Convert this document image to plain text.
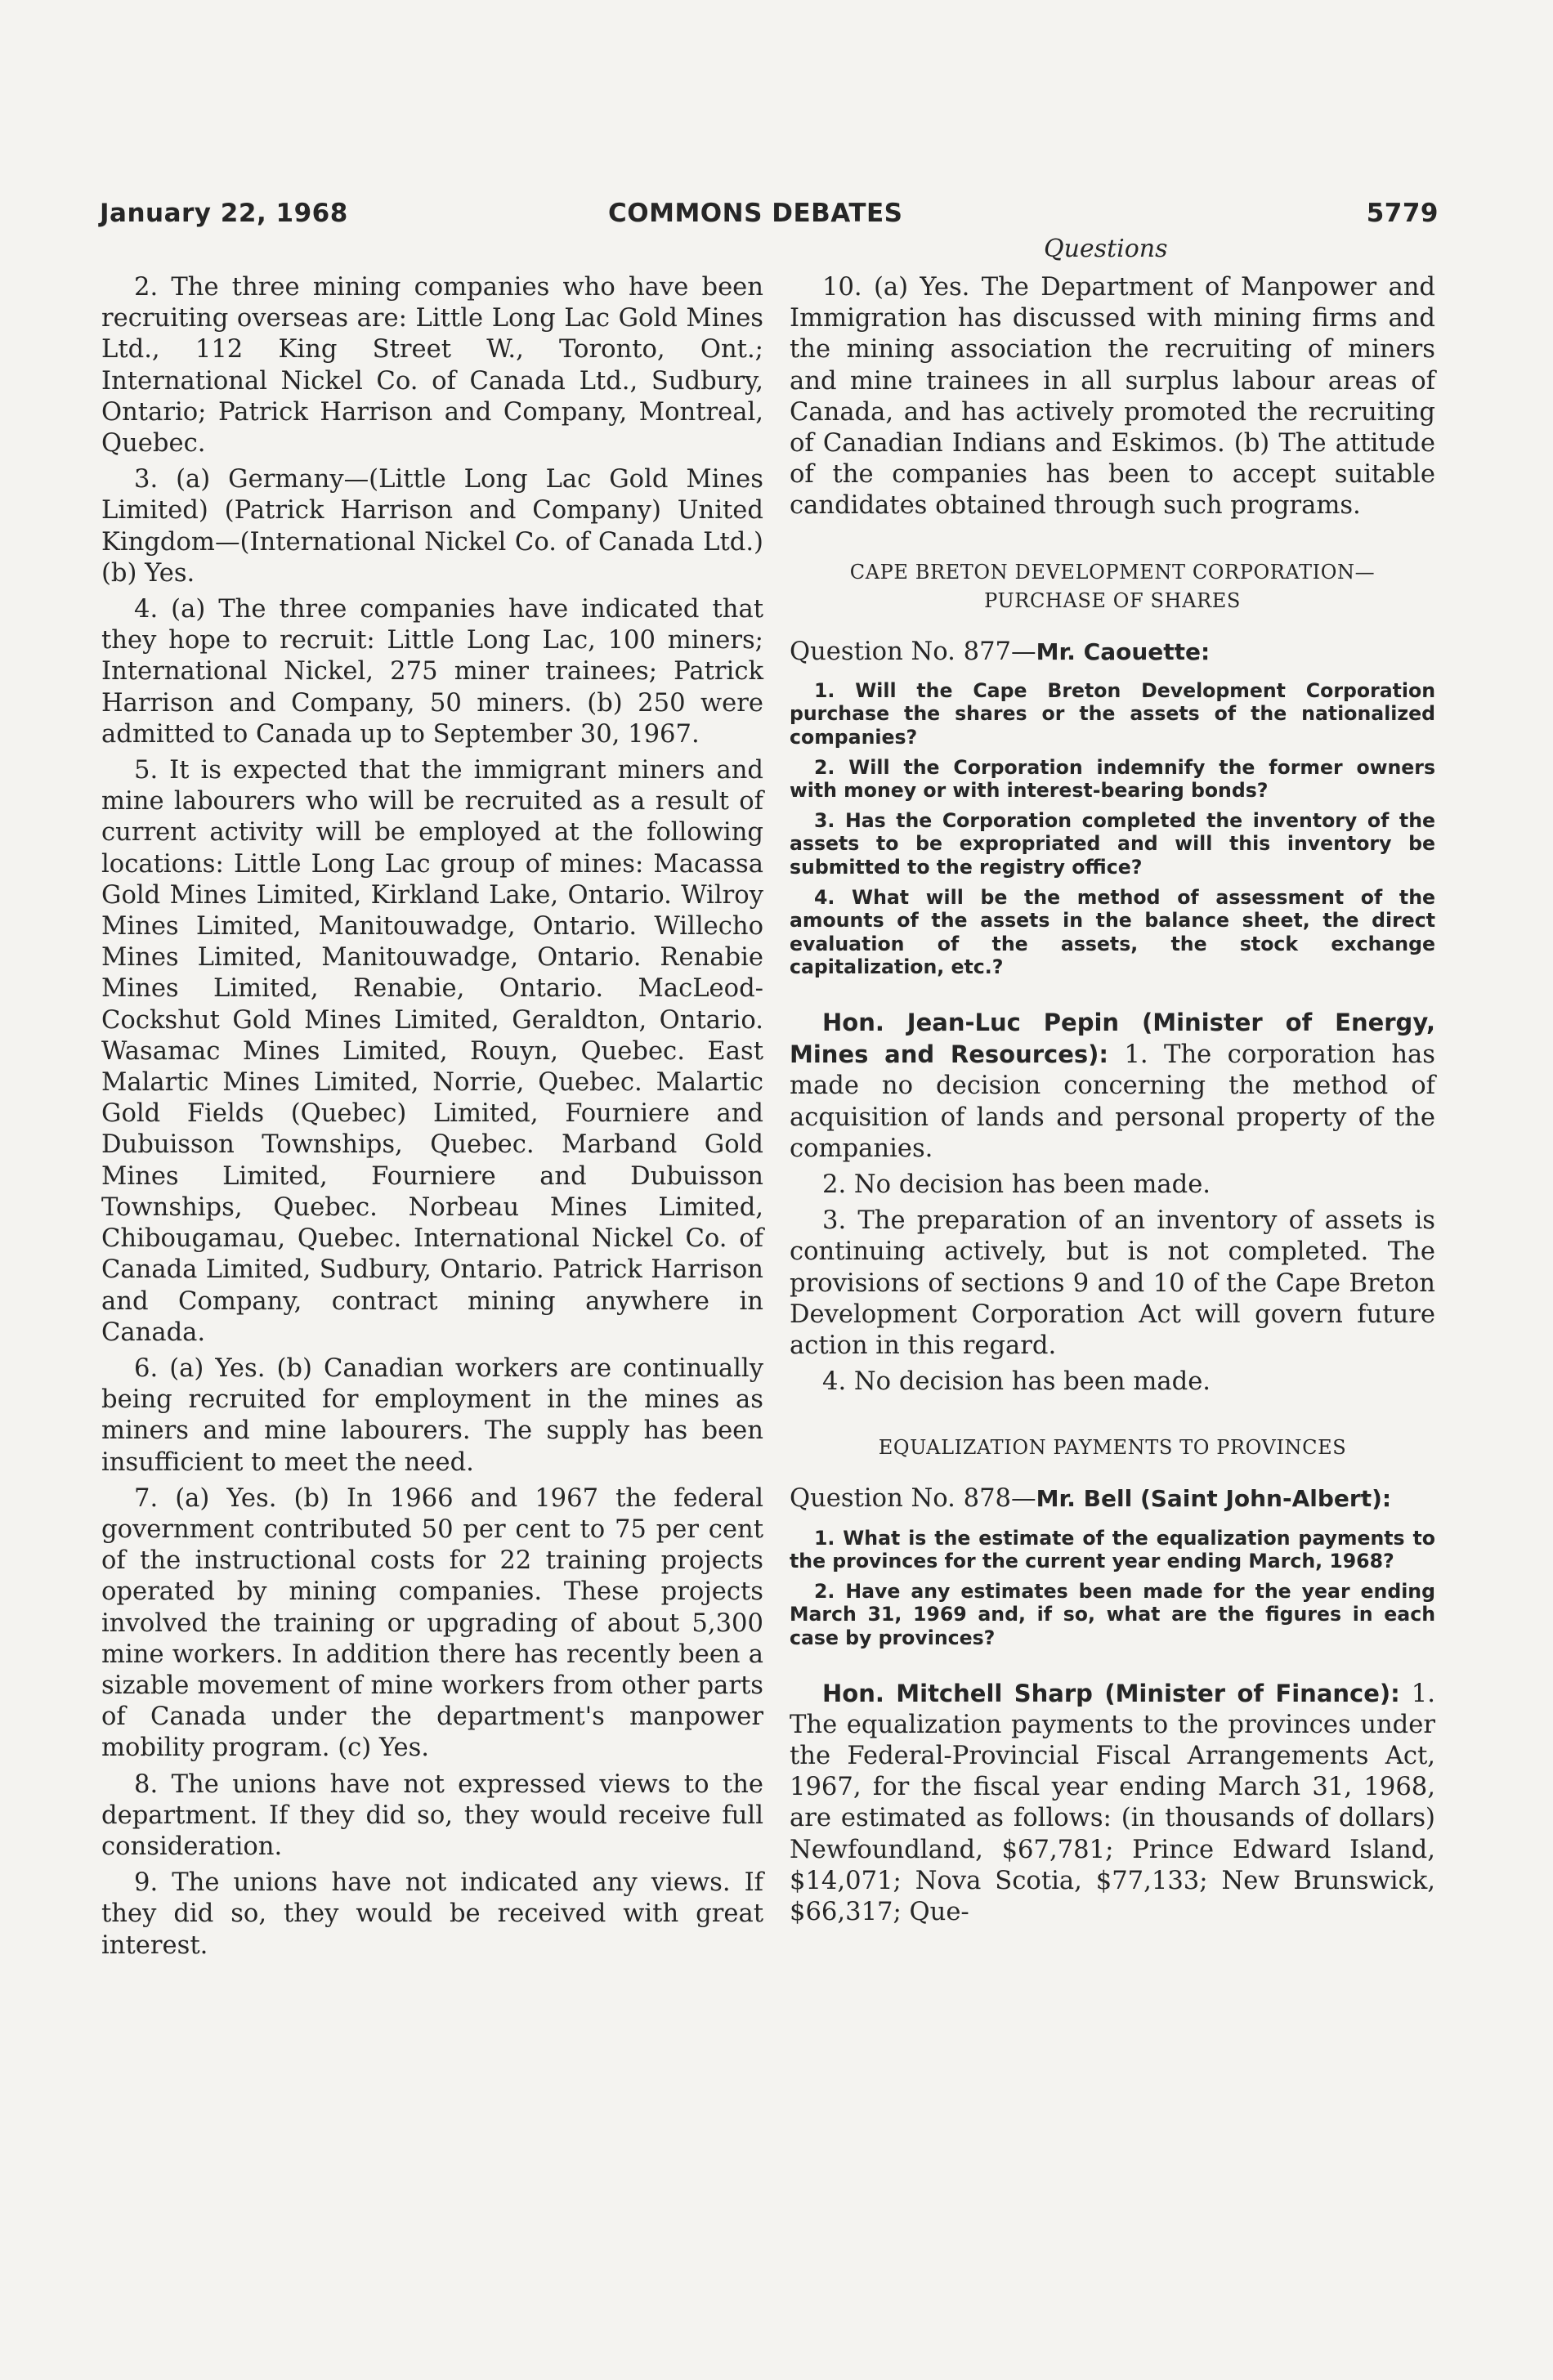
January 22, 1968	COMMONS DEBATES	5779
Questions

2. The three mining companies who have been recruiting overseas are: Little Long Lac Gold Mines Ltd., 112 King Street W., Toronto, Ont.; International Nickel Co. of Canada Ltd., Sudbury, Ontario; Patrick Harrison and Company, Montreal, Quebec.

3. (a) Germany—(Little Long Lac Gold Mines Limited) (Patrick Harrison and Company) United Kingdom—(International Nickel Co. of Canada Ltd.) (b) Yes.

4. (a) The three companies have indicated that they hope to recruit: Little Long Lac, 100 miners; International Nickel, 275 miner trainees; Patrick Harrison and Company, 50 miners. (b) 250 were admitted to Canada up to September 30, 1967.

5. It is expected that the immigrant miners and mine labourers who will be recruited as a result of current activity will be employed at the following locations: Little Long Lac group of mines: Macassa Gold Mines Limited, Kirkland Lake, Ontario. Wilroy Mines Limited, Manitouwadge, Ontario. Willecho Mines Limited, Manitouwadge, Ontario. Renabie Mines Limited, Renabie, Ontario. MacLeod-Cockshut Gold Mines Limited, Geraldton, Ontario. Wasamac Mines Limited, Rouyn, Quebec. East Malartic Mines Limited, Norrie, Quebec. Malartic Gold Fields (Quebec) Limited, Fourniere and Dubuisson Townships, Quebec. Marband Gold Mines Limited, Fourniere and Dubuisson Townships, Quebec. Norbeau Mines Limited, Chibougamau, Quebec. International Nickel Co. of Canada Limited, Sudbury, Ontario. Patrick Harrison and Company, contract mining anywhere in Canada.

6. (a) Yes. (b) Canadian workers are continually being recruited for employment in the mines as miners and mine labourers. The supply has been insufficient to meet the need.

7. (a) Yes. (b) In 1966 and 1967 the federal government contributed 50 per cent to 75 per cent of the instructional costs for 22 training projects operated by mining companies. These projects involved the training or upgrading of about 5,300 mine workers. In addition there has recently been a sizable movement of mine workers from other parts of Canada under the department's manpower mobility program. (c) Yes.

8. The unions have not expressed views to the department. If they did so, they would receive full consideration.

9. The unions have not indicated any views. If they did so, they would be received with great interest.

10. (a) Yes. The Department of Manpower and Immigration has discussed with mining firms and the mining association the recruiting of miners and mine trainees in all surplus labour areas of Canada, and has actively promoted the recruiting of Canadian Indians and Eskimos. (b) The attitude of the companies has been to accept suitable candidates obtained through such programs.

CAPE BRETON DEVELOPMENT CORPORATION—
PURCHASE OF SHARES
Question No. 877—Mr. Caouette:

1. Will the Cape Breton Development Corporation purchase the shares or the assets of the nationalized companies?

2. Will the Corporation indemnify the former owners with money or with interest-bearing bonds?

3. Has the Corporation completed the inventory of the assets to be expropriated and will this inventory be submitted to the registry office?

4. What will be the method of assessment of the amounts of the assets in the balance sheet, the direct evaluation of the assets, the stock exchange capitalization, etc.?

Hon. Jean-Luc Pepin (Minister of Energy, Mines and Resources): 1. The corporation has made no decision concerning the method of acquisition of lands and personal property of the companies.

2. No decision has been made.

3. The preparation of an inventory of assets is continuing actively, but is not completed. The provisions of sections 9 and 10 of the Cape Breton Development Corporation Act will govern future action in this regard.

4. No decision has been made.

EQUALIZATION PAYMENTS TO PROVINCES
Question No. 878—Mr. Bell (Saint John-Albert):

1. What is the estimate of the equalization payments to the provinces for the current year ending March, 1968?

2. Have any estimates been made for the year ending March 31, 1969 and, if so, what are the figures in each case by provinces?

Hon. Mitchell Sharp (Minister of Finance): 1. The equalization payments to the provinces under the Federal-Provincial Fiscal Arrangements Act, 1967, for the fiscal year ending March 31, 1968, are estimated as follows: (in thousands of dollars) Newfoundland, $67,781; Prince Edward Island, $14,071; Nova Scotia, $77,133; New Brunswick, $66,317; Que-
